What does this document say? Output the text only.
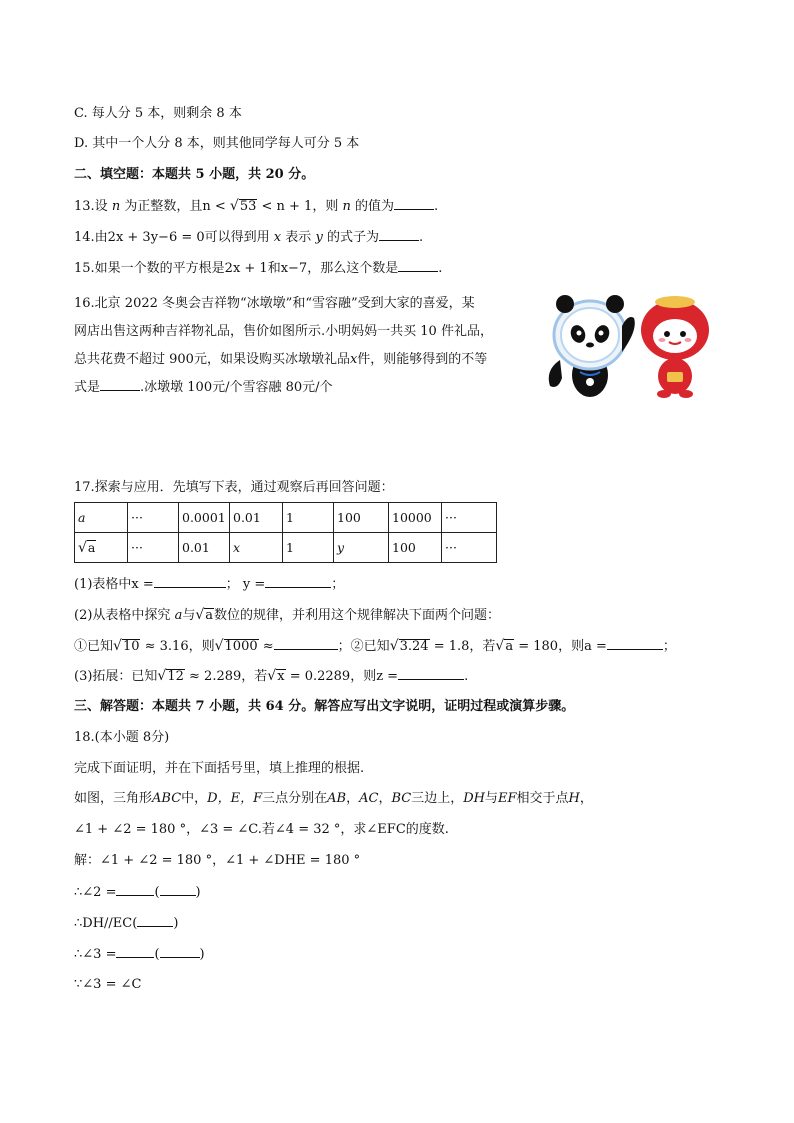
C. 每人分 5 本，则剩余 8 本
D. 其中一个人分 8 本，则其他同学每人可分 5 本
二、填空题：本题共 5 小题，共 20 分。
13.设 n 为正整数，且n < √53 < n + 1，则 n 的值为	.
14.由2x + 3y−6 = 0可以得到用 x 表示 y 的式子为	.
15.如果一个数的平方根是2x + 1和x−7，那么这个数是	.
16.北京 2022 冬奥会吉祥物“冰墩墩”和“雪容融”受到大家的喜爱，某
网店出售这两种吉祥物礼品，售价如图所示.小明妈妈一共买 10 件礼品，
总共花费不超过 900元，如果设购买冰墩墩礼品x件，则能够得到的不等
式是	.冰墩墩 100元/个雪容融 80元/个
17.探索与应用．先填写下表，通过观察后再回答问题：
a	···	0.0001	0.01	1	100	10000	···
√a	···	0.01	x	1	y	100	···
(1)表格中x =	； y =	；
(2)从表格中探究 a与√a数位的规律，并利用这个规律解决下面两个问题：
①已知√10 ≈ 3.16，则√1000 ≈	；②已知√3.24 = 1.8，若√a = 180，则a =	；
(3)拓展：已知√12 ≈ 2.289，若√x = 0.2289，则z =	.
三、解答题：本题共 7 小题，共 64 分。解答应写出文字说明，证明过程或演算步骤。
18.(本小题 8分)
完成下面证明，并在下面括号里，填上推理的根据.
如图，三角形ABC中，D，E，F三点分别在AB，AC，BC三边上，DH与EF相交于点H，
∠1 + ∠2 = 180 °，∠3 = ∠C.若∠4 = 32 °，求∠EFC的度数.
解：∠1 + ∠2 = 180 °，∠1 + ∠DHE = 180 °
∴∠2 =	(	)
∴DH//EC(	)
∴∠3 =	(	)
∵∠3 = ∠C
